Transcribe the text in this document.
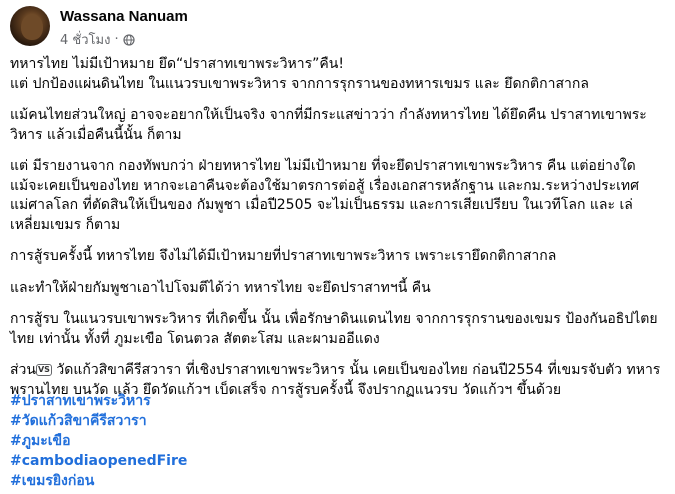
Wassana Nanuam
4 ชั่วโมง ·

ทหารไทย ไม่มีเป้าหมาย ยึด“ปราสาทเขาพระวิหาร”คืน!
แต่ ปกป้องแผ่นดินไทย ในแนวรบเขาพระวิหาร จากการรุกรานของทหารเขมร และ ยึดกติกาสากล

แม้คนไทยส่วนใหญ่ อาจจะอยากให้เป็นจริง จากที่มีกระแสข่าวว่า กำลังทหารไทย ได้ยึดคืน ปราสาทเขาพระ
วิหาร แล้วเมื่อคืนนี้นั้น ก็ตาม

แต่ มีรายงานจาก กองทัพบกว่า ฝ่ายทหารไทย ไม่มีเป้าหมาย ที่จะยึดปราสาทเขาพระวิหาร คืน แต่อย่างใด
แม้จะเคยเป็นของไทย หากจะเอาคืนจะต้องใช้มาตรการต่อสู้ เรื่องเอกสารหลักฐาน และกม.ระหว่างประเทศ
แม่ศาลโลก ที่ตัดสินให้เป็นของ กัมพูชา เมื่อปี2505 จะไม่เป็นธรรม และการเสียเปรียบ ในเวทีโลก และ เล่
เหลี่ยมเขมร ก็ตาม

การสู้รบครั้งนี้ ทหารไทย จึงไม่ได้มีเป้าหมายที่ปราสาทเขาพระวิหาร เพราะเรายึดกติกาสากล

และทำให้ฝ่ายกัมพูชาเอาไปโจมตีได้ว่า ทหารไทย จะยึดปราสาทฯนี้ คืน

การสู้รบ ในแนวรบเขาพระวิหาร ที่เกิดขึ้น นั้น เพื่อรักษาดินแดนไทย จากการรุกรานของเขมร ป้องกันอธิปไตย
ไทย เท่านั้น ทั้งที่ ภูมะเขือ โดนตวล สัตตะโสม และผามออีแดง

ส่วน VS วัดแก้วสิขาคีรีสวารา ที่เชิงปราสาทเขาพระวิหาร นั้น เคยเป็นของไทย ก่อนปี2554 ที่เขมรจับตัว ทหาร
พรานไทย บนวัด แล้ว ยึดวัดแก้วฯ เบ็ดเสร็จ การสู้รบครั้งนี้ จึงปรากฏแนวรบ วัดแก้วฯ ขึ้นด้วย

#ปราสาทเขาพระวิหาร
#วัดแก้วสิขาคีรีสวารา
#ภูมะเขือ
#cambodiaopenedFire
#เขมรยิงก่อน
